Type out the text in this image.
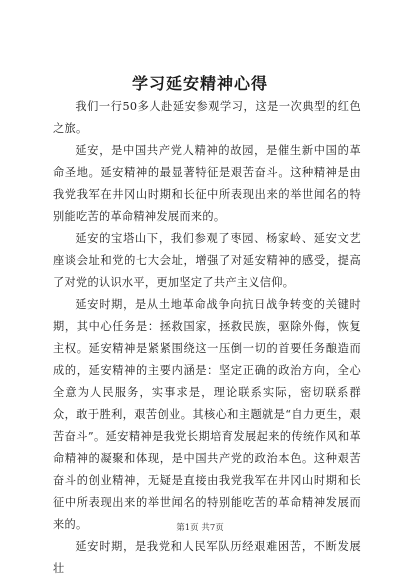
学习延安精神心得

我们一行50多人赴延安参观学习，这是一次典型的红色之旅。

延安，是中国共产党人精神的故园，是催生新中国的革命圣地。延安精神的最显著特征是艰苦奋斗。这种精神是由我党我军在井冈山时期和长征中所表现出来的举世闻名的特别能吃苦的革命精神发展而来的。

延安的宝塔山下，我们参观了枣园、杨家岭、延安文艺座谈会址和党的七大会址，增强了对延安精神的感受，提高了对党的认识水平，更加坚定了共产主义信仰。

延安时期，是从土地革命战争向抗日战争转变的关键时期，其中心任务是：拯救国家，拯救民族，驱除外侮，恢复主权。延安精神是紧紧围绕这一压倒一切的首要任务酿造而成的，延安精神的主要内涵是：坚定正确的政治方向，全心全意为人民服务，实事求是，理论联系实际，密切联系群众，敢于胜利，艰苦创业。其核心和主题就是“自力更生，艰苦奋斗”。延安精神是我党长期培育发展起来的传统作风和革命精神的凝聚和体现，是中国共产党的政治本色。这种艰苦奋斗的创业精神，无疑是直接由我党我军在井冈山时期和长征中所表现出来的举世闻名的特别能吃苦的革命精神发展而来的。

延安时期，是我党和人民军队历经艰难困苦，不断发展壮

第1页 共7页
